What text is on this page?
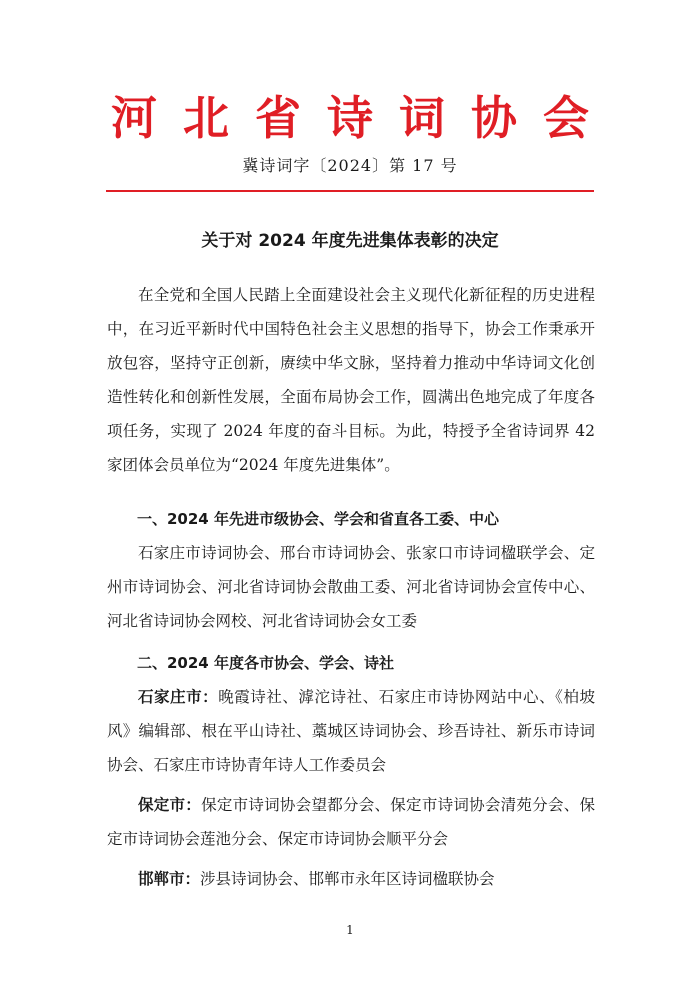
河北省诗词协会
冀诗词字〔2024〕第 17 号
关于对 2024 年度先进集体表彰的决定

在全党和全国人民踏上全面建设社会主义现代化新征程的历史进程中，在习近平新时代中国特色社会主义思想的指导下，协会工作秉承开放包容，坚持守正创新，赓续中华文脉，坚持着力推动中华诗词文化创造性转化和创新性发展，全面布局协会工作，圆满出色地完成了年度各项任务，实现了 2024 年度的奋斗目标。为此，特授予全省诗词界 42 家团体会员单位为“2024 年度先进集体”。

一、2024 年先进市级协会、学会和省直各工委、中心

石家庄市诗词协会、邢台市诗词协会、张家口市诗词楹联学会、定州市诗词协会、河北省诗词协会散曲工委、河北省诗词协会宣传中心、河北省诗词协会网校、河北省诗词协会女工委

二、2024 年度各市协会、学会、诗社

石家庄市：晚霞诗社、滹沱诗社、石家庄市诗协网站中心、《柏坡风》编辑部、根在平山诗社、藁城区诗词协会、珍吾诗社、新乐市诗词协会、石家庄市诗协青年诗人工作委员会

保定市：保定市诗词协会望都分会、保定市诗词协会清苑分会、保定市诗词协会莲池分会、保定市诗词协会顺平分会

邯郸市：涉县诗词协会、邯郸市永年区诗词楹联协会

1
